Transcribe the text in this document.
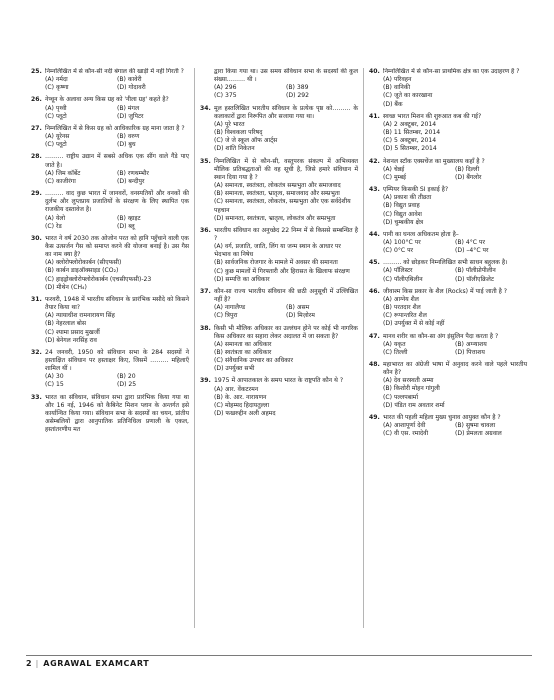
25. निम्नलिखित में से कौन-सी नदी बंगाल की खाड़ी में नहीं गिरती ?
(A) नर्मदा	(B) कावेरी
(C) कृष्णा	(D) गोदावरी
26. नेप्चून के अलावा अन्य किस ग्रह को 'नीला ग्रह' कहते है?
(A) पृथ्वी	(B) मंगल
(C) प्लूटो	(D) जुपिटर
27. निम्नलिखित में से किस ग्रह को आधिकारिक ग्रह माना जाता है ?
(A) यूरेनस	(B) वरुण
(C) प्लूटो	(D) बुध
28. ……… राष्ट्रीय उद्यान में सबसे अधिक एक सींग वाले गैंडे पाए जाते है।
(A) जिम कॉर्बेट	(B) रणथम्भौर
(C) काजीरंगा	(D) बन्दीपुर
29. ……… वाद कुछ भारत में जानवरों, वनस्पतियों और वनकों की दुर्लभ और लुप्तप्राय प्रजातियों के संरक्षण के लिए स्थापित एक राजकीय दस्तावेज है।
(A) येलो	(B) व्हाइट
(C) रेड	(D) ब्लू
30. भारत ने वर्ष 2030 तक ओजोन परत को हानि पहुँचाने वाली एक कैस उत्सर्जन गैस को समाप्त करने की योजना बनाई है। उस गैस का नाम क्या है?
(A) क्लोरोफ्लोरोकार्बन (सीएफसी)
(B) कार्बन डाइऑक्साइड (CO₂)
(C) हाइड्रोक्लोरोफ्लोरोकार्बन (एचसीएफसी)-23
(D) मीथेन (CH₄)
31. फरवरी, 1948 में भारतीय संविधान के प्रारंभिक मसौदे को किसने तैयार किया था?
(A) न्यायाधीश रामनारायण सिंह
(B) नेहरलाल बोस
(C) श्यामा प्रसाद मुखर्जी
(D) बेनेगल नरसिंह राव
32. 24 जनवरी, 1950 को संविधान सभा के 284 सदस्यों ने हस्ताक्षित संविधान पर हस्ताक्षर किए, जिसमें ……… महिलाएँ शामिल थीं ।
(A) 30	(B) 20
(C) 15	(D) 25
33. भारत का संविधान, संविधान सभा द्वारा प्रारंभिक किया गया था और 16 नई, 1946 को कैबिनेट मिशन प्लान के अन्तर्गत इसे कार्यान्वित किया गया। संविधान सभा के सदस्यों का चयन, प्रांतीय असेम्बलियों द्वारा आनुपातिक प्रतिनिधित्व प्रणाली के एकल, हस्तांतरणीय मत
द्वारा किया गया था। उस समय संविधान सभा के सदस्यों की कुल संख्या……… थी ।
(A) 296	(B) 389
(C) 375	(D) 292
34. मूल हस्तलिखित भारतीय संविधान के प्रत्येक पृष्ठ को……… के कलाकारों द्वारा निरूपित और सजाया गया था।
(A) पूरे भारत
(B) विश्वकला परिषद्
(C) जे जे स्कूल ऑफ आर्ट्स
(D) शांति निकेतन
35. निम्नलिखित में से कौन-सी, वस्तुपरक संकल्प में अभिव्यक्त मौलिक प्रतिबद्धताओं की वह सूची है, जिसे हमारे संविधान में स्थान दिया गया है ?
(A) समानता, स्वतंत्रता, लोकतंत्र सम्प्रभुता और समाजवाद
(B) समानता, स्वतंत्रता, भ्रातृत्व, समाजवाद और सम्प्रभुता
(C) समानता, स्वतंत्रता, लोकतंत्र, सम्प्रभुता और एक सर्वदेशीय पहचान
(D) समानता, स्वतंत्रता, भ्रातृत्व, लोकतंत्र और सम्प्रभुता
36. भारतीय संविधान का अनुच्छेद 22 निम्न में से किससे सम्बन्धित है ?
(A) वर्ग, प्रजाति, जाति, लिंग या जन्म स्थान के आधार पर भेदभाव का निषेध
(B) सार्वजनिक रोजगार के मामले में अवसर की समानता
(C) कुछ मामलों में गिरफ्तारी और हिरासत के खिलाफ संरक्षण
(D) सम्पत्ति का अधिकार
37. कौन-सा राज्य भारतीय संविधान की छठी अनुसूची में उल्लिखित नहीं है?
(A) नागालैण्ड	(B) असम
(C) त्रिपुरा	(D) मिज़ोरम
38. किसी भी मौलिक अधिकार का उल्लंघन होने पर कोई भी नागरिक किस अधिकार का सहारा लेकर अदालत में जा सकता है?
(A) समानता का अधिकार
(B) स्वतंत्रता का अधिकार
(C) संवैधानिक उपचार का अधिकार
(D) उपर्युक्त सभी
39. 1975 में आपातकाल के समय भारत के राष्ट्रपति कौन थे ?
(A) आर. वेंकटरमन
(B) के. आर. नारायणन
(C) मोहम्मद हिदायतुल्ला
(D) फखरुद्दीन अली अहमद
40. निम्नलिखित में से कौन-सा प्राथमिक क्षेत्र का एक उदाहरण है ?
(A) परिवहन
(B) वानिकी
(C) जूते का कारखाना
(D) बैंक
41. स्वच्छ भारत मिशन की शुरुआत कब की गई?
(A) 2 अक्टूबर, 2014
(B) 11 सितम्बर, 2014
(C) 5 अक्टूबर, 2014
(D) 5 सितम्बर, 2014
42. नेशनल स्टॉक एक्सचेंज का मुख्यालय कहाँ है ?
(A) चेन्नई	(B) दिल्ली
(C) मुम्बई	(D) बैंगलोर
43. एम्पियर किसकी SI इकाई है?
(A) प्रकाश की तीव्रता
(B) विद्युत प्रवाह
(C) विद्युत आवेश
(D) चुम्बकीय क्षेत्र
44. पानी का घनत्व अधिकतम होता है–
(A) 100°C पर	(B) 4°C पर
(C) 0°C पर	(D) –4°C पर
45. ……… को छोड़कर निम्नलिखित सभी साधन बहुलक है।
(A) पॉलिस्टर	(B) पॉलीप्रोपीलीन
(C) पॉलीएथिलीन	(D) पॉलीएक्रिलेट
46. जीवाश्म किस प्रकार के शैल (Rocks) में पाई जाती है ?
(A) आग्नेय शैल
(B) परतदार शैल
(C) रूपान्तरित शैल
(D) उपर्युक्त में से कोई नहीं
47. मानव शरीर का कौन-सा अंग इंसुलिन पैदा करता है ?
(A) यकृत	(B) अग्न्याशय
(C) तिल्ली	(D) पित्ताशय
48. महाभारत का अंग्रेजी भाषा में अनुवाद करने वाले पहले भारतीय कौन है?
(A) देव सरस्वती अम्मा
(B) किशोरी मोहन गांगुली
(C) पल्लपबार्मा
(D) पंडित राम अवतार शर्मा
49. भारत की पहली महिला मुख्य चुनाव आयुक्त कौन है ?
(A) आशापूर्णा देवी	(B) सुषमा चावला
(C) वी एस. रमादेवी	(D) प्रेमलता अग्रवाल
2 | AGRAWAL EXAMCART
